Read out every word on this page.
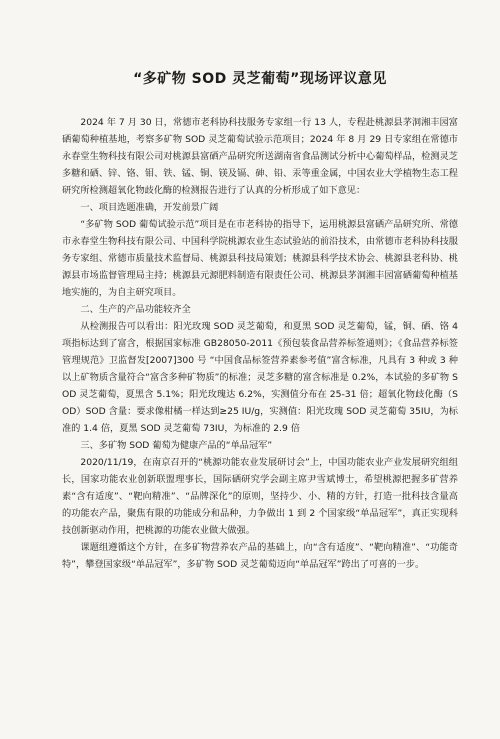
“多矿物 SOD 灵芝葡萄”现场评议意见

2024 年 7 月 30 日，常德市老科协科技服务专家组一行 13 人，专程赴桃源县茅洞湘丰园富硒葡萄种植基地，考察多矿物 SOD 灵芝葡萄试验示范项目；2024 年 8 月 29 日专家组在常德市永春堂生物科技有限公司对桃源县富硒产品研究所送湖南省食品测试分析中心葡萄样品，检测灵芝多糖和硒、锌、铬、钼、铁、锰、铜、镁及镉、砷、铅、汞等重金属，中国农业大学植物生态工程研究所检测超氧化物歧化酶的检测报告进行了认真的分析形成了如下意见：

一、项目选题准确，开发前景广阔

“多矿物 SOD 葡萄试验示范”项目是在市老科协的指导下，运用桃源县富硒产品研究所、常德市永春堂生物科技有限公司、中国科学院桃源农业生态试验站的前沿技术，由常德市老科协科技服务专家组、常德市质量技术监督局、桃源县科技局策划；桃源县科学技术协会、桃源县老科协、桃源县市场监督管理局主持；桃源县元源肥料制造有限责任公司、桃源县茅洞湘丰园富硒葡萄种植基地实施的，为自主研究项目。

二、生产的产品功能较齐全

从检测报告可以看出：阳光玫瑰 SOD 灵芝葡萄，和夏黑 SOD 灵芝葡萄，锰，铜、硒、铬 4 项指标达到了富含，根据国家标准 GB28050-2011《预包装食品营养标签通则》；《食品营养标签管理规范》卫监督发[2007]300 号 “中国食品标签营养素参考值”富含标准，凡具有 3 种或 3 种以上矿物质含量符合“富含多种矿物质”的标准；灵芝多糖的富含标准是 0.2%，本试验的多矿物 SOD 灵芝葡萄，夏黑含 5.1%；阳光玫瑰达 6.2%，实测值分布在 25-31 倍；超氧化物歧化酶（SOD）SOD 含量：要求像柑橘一样达到≥25 IU/g，实测值：阳光玫瑰 SOD 灵芝葡萄 35IU，为标准的 1.4 倍，夏黑 SOD 灵芝葡萄 73IU，为标准的 2.9 倍

三、多矿物 SOD 葡萄为健康产品的“单品冠军”

2020/11/19，在南京召开的“桃源功能农业发展研讨会”上，中国功能农业产业发展研究组组长，国家功能农业创新联盟理事长，国际硒研究学会副主席尹雪斌博士，希望桃源把握多矿营养素“含有适度”、“靶向精准”、“品牌深化”的原则，坚持少、小、精的方针，打造一批科技含量高的功能农产品，聚焦有限的功能成分和品种，力争做出 1 到 2 个国家级“单品冠军”，真正实现科技创新驱动作用，把桃源的功能农业做大做强。

课题组遵循这个方针，在多矿物营养农产品的基础上，向“含有适度”、“靶向精准”、“功能奇特”，攀登国家级“单品冠军”，多矿物 SOD 灵芝葡萄迈向“单品冠军”跨出了可喜的一步。
